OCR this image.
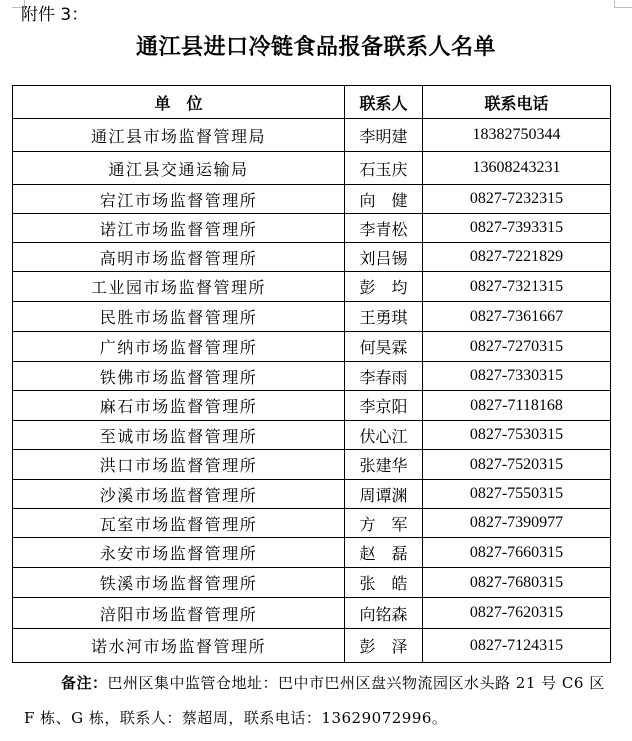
附件 3：
通江县进口冷链食品报备联系人名单
单　位	联系人	联系电话
通江县市场监督管理局	李明建	18382750344
通江县交通运输局	石玉庆	13608243231
宕江市场监督管理所	向　健	0827-7232315
诺江市场监督管理所	李青松	0827-7393315
高明市场监督管理所	刘吕锡	0827-7221829
工业园市场监督管理所	彭　均	0827-7321315
民胜市场监督管理所	王勇琪	0827-7361667
广纳市场监督管理所	何昊霖	0827-7270315
铁佛市场监督管理所	李春雨	0827-7330315
麻石市场监督管理所	李京阳	0827-7118168
至诚市场监督管理所	伏心江	0827-7530315
洪口市场监督管理所	张建华	0827-7520315
沙溪市场监督管理所	周谭渊	0827-7550315
瓦室市场监督管理所	方　军	0827-7390977
永安市场监督管理所	赵　磊	0827-7660315
铁溪市场监督管理所	张　皓	0827-7680315
涪阳市场监督管理所	向铭森	0827-7620315
诺水河市场监督管理所	彭　泽	0827-7124315
备注：巴州区集中监管仓地址：巴中市巴州区盘兴物流园区水头路 21 号 C6 区 F 栋、G 栋，联系人：蔡超周，联系电话：13629072996。
